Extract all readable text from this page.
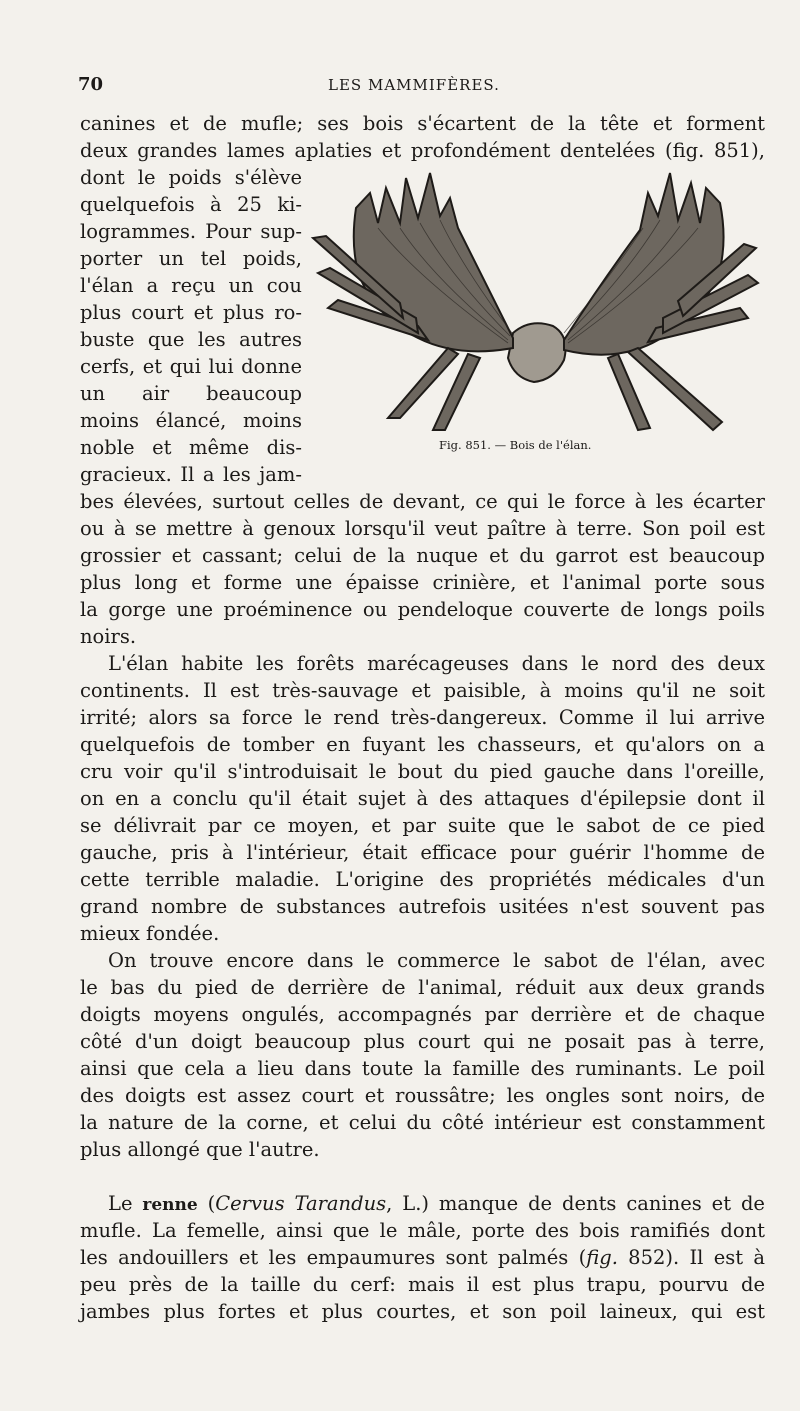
70	LES MAMMIFÈRES.
Fig. 851. — Bois de l'élan.
canines et de mufle; ses bois s'écartent de la tête et forment
deux grandes lames aplaties et profondément dentelées (fig. 851),
dont le poids s'élève
quelquefois à 25 ki-
logrammes. Pour sup-
porter un tel poids,
l'élan a reçu un cou
plus court et plus ro-
buste que les autres
cerfs, et qui lui donne
un air beaucoup
moins élancé, moins
noble et même dis-
gracieux. Il a les jam-
bes élevées, surtout celles de devant, ce qui le force à les écarter
ou à se mettre à genoux lorsqu'il veut paître à terre. Son poil est
grossier et cassant; celui de la nuque et du garrot est beaucoup
plus long et forme une épaisse crinière, et l'animal porte sous
la gorge une proéminence ou pendeloque couverte de longs poils
noirs.
L'élan habite les forêts marécageuses dans le nord des deux
continents. Il est très-sauvage et paisible, à moins qu'il ne soit
irrité; alors sa force le rend très-dangereux. Comme il lui arrive
quelquefois de tomber en fuyant les chasseurs, et qu'alors on a
cru voir qu'il s'introduisait le bout du pied gauche dans l'oreille,
on en a conclu qu'il était sujet à des attaques d'épilepsie dont il
se délivrait par ce moyen, et par suite que le sabot de ce pied
gauche, pris à l'intérieur, était efficace pour guérir l'homme de
cette terrible maladie. L'origine des propriétés médicales d'un
grand nombre de substances autrefois usitées n'est souvent pas
mieux fondée.
On trouve encore dans le commerce le sabot de l'élan, avec
le bas du pied de derrière de l'animal, réduit aux deux grands
doigts moyens ongulés, accompagnés par derrière et de chaque
côté d'un doigt beaucoup plus court qui ne posait pas à terre,
ainsi que cela a lieu dans toute la famille des ruminants. Le poil
des doigts est assez court et roussâtre; les ongles sont noirs, de
la nature de la corne, et celui du côté intérieur est constamment
plus allongé que l'autre.
Le renne (Cervus Tarandus, L.) manque de dents canines et de
mufle. La femelle, ainsi que le mâle, porte des bois ramifiés dont
les andouillers et les empaumures sont palmés (fig. 852). Il est à
peu près de la taille du cerf: mais il est plus trapu, pourvu de
jambes plus fortes et plus courtes, et son poil laineux, qui est
